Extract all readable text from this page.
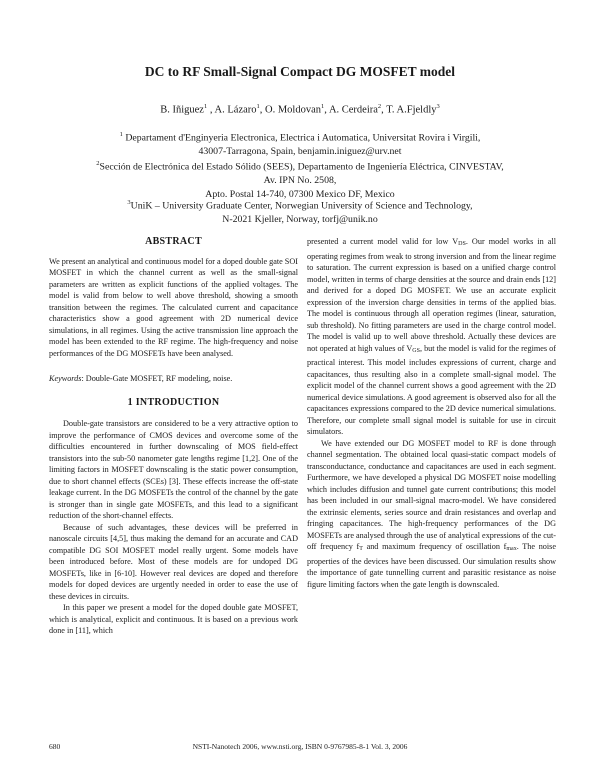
DC to RF Small-Signal Compact DG MOSFET model
B. Iñiguez$^1$ , A. Lázaro$^1$, O. Moldovan$^1$, A. Cerdeira$^2$, T. A.Fjeldly$^3$
$^1$ Departament d'Enginyeria Electronica, Electrica i Automatica, Universitat Rovira i Virgili,
43007-Tarragona, Spain, benjamin.iniguez@urv.net
$^2$Sección de Electrónica del Estado Sólido (SEES), Departamento de Ingeniería Eléctrica, CINVESTAV,
Av. IPN No. 2508,
Apto. Postal 14-740, 07300 Mexico DF, Mexico
$^3$UniK – University Graduate Center, Norwegian University of Science and Technology,
N-2021 Kjeller, Norway, torfj@unik.no
ABSTRACT

We present an analytical and continuous model for a doped double gate SOI MOSFET in which the channel current as well as the small-signal parameters are written as explicit functions of the applied voltages. The model is valid from below to well above threshold, showing a smooth transition between the regimes. The calculated current and capacitance characteristics show a good agreement with 2D numerical device simulations, in all regimes. Using the active transmission line approach the model has been extended to the RF regime. The high-frequency and noise performances of the DG MOSFETs have been analysed.

Keywords: Double-Gate MOSFET, RF modeling, noise.

1 INTRODUCTION

Double-gate transistors are considered to be a very attractive option to improve the performance of CMOS devices and overcome some of the difficulties encountered in further downscaling of MOS field-effect transistors into the sub-50 nanometer gate lengths regime [1,2]. One of the limiting factors in MOSFET downscaling is the static power consumption, due to short channel effects (SCEs) [3]. These effects increase the off-state leakage current. In the DG MOSFETs the control of the channel by the gate is stronger than in single gate MOSFETs, and this lead to a significant reduction of the short-channel effects.

Because of such advantages, these devices will be preferred in nanoscale circuits [4,5], thus making the demand for an accurate and CAD compatible DG SOI MOSFET model really urgent. Some models have been introduced before. Most of these models are for undoped DG MOSFETs, like in [6-10]. However real devices are doped and therefore models for doped devices are urgently needed in order to ease the use of these devices in circuits.

In this paper we present a model for the doped double gate MOSFET, which is analytical, explicit and continuous. It is based on a previous work done in [11], which

presented a current model valid for low VDS. Our model works in all operating regimes from weak to strong inversion and from the linear regime to saturation. The current expression is based on a unified charge control model, written in terms of charge densities at the source and drain ends [12] and derived for a doped DG MOSFET. We use an accurate explicit expression of the inversion charge densities in terms of the applied bias. The model is continuous through all operation regimes (linear, saturation, sub threshold). No fitting parameters are used in the charge control model. The model is valid up to well above threshold. Actually these devices are not operated at high values of VGS, but the model is valid for the regimes of practical interest. This model includes expressions of current, charge and capacitances, thus resulting also in a complete small-signal model. The explicit model of the channel current shows a good agreement with the 2D numerical device simulations. A good agreement is observed also for all the capacitances expressions compared to the 2D device numerical simulations. Therefore, our complete small signal model is suitable for use in circuit simulators.

We have extended our DG MOSFET model to RF is done through channel segmentation. The obtained local quasi-static compact models of transconductance, conductance and capacitances are used in each segment. Furthermore, we have developed a physical DG MOSFET noise modelling which includes diffusion and tunnel gate current contributions; this model has been included in our small-signal macro-model. We have considered the extrinsic elements, series source and drain resistances and overlap and fringing capacitances. The high-frequency performances of the DG MOSFETs are analysed through the use of analytical expressions of the cut-off frequency fT and maximum frequency of oscillation fmax. The noise properties of the devices have been discussed. Our simulation results show the importance of gate tunnelling current and parasitic resistance as noise figure limiting factors when the gate length is downscaled.

680	NSTI-Nanotech 2006, www.nsti.org, ISBN 0-9767985-8-1 Vol. 3, 2006
